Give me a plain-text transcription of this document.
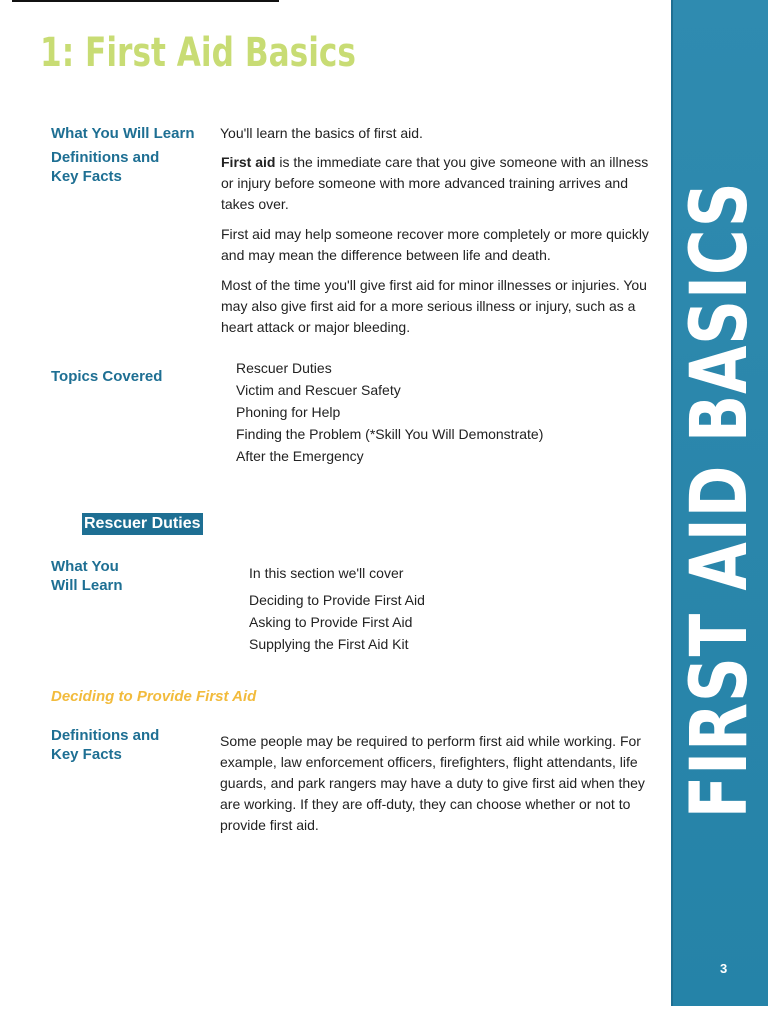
1: First Aid Basics
FIRST AID BASICS
3
What You Will Learn You'll learn the basics of first aid.
Definitions and
Key Facts

First aid is the immediate care that you give someone with an illness or injury before someone with more advanced training arrives and takes over.

First aid may help someone recover more completely or more quickly and may mean the difference between life and death.

Most of the time you'll give first aid for minor illnesses or injuries. You may also give first aid for a more serious illness or injury, such as a heart attack or major bleeding.

Topics Covered	Rescuer Duties
Victim and Rescuer Safety
Phoning for Help
Finding the Problem (*Skill You Will Demonstrate)
After the Emergency
Rescuer Duties
What You
Will Learn
In this section we'll cover
Deciding to Provide First Aid
Asking to Provide First Aid
Supplying the First Aid Kit
Deciding to Provide First Aid
Definitions and
Key Facts
Some people may be required to perform first aid while working. For example, law enforcement officers, firefighters, flight attendants, life guards, and park rangers may have a duty to give first aid when they are working. If they are off-duty, they can choose whether or not to provide first aid.
